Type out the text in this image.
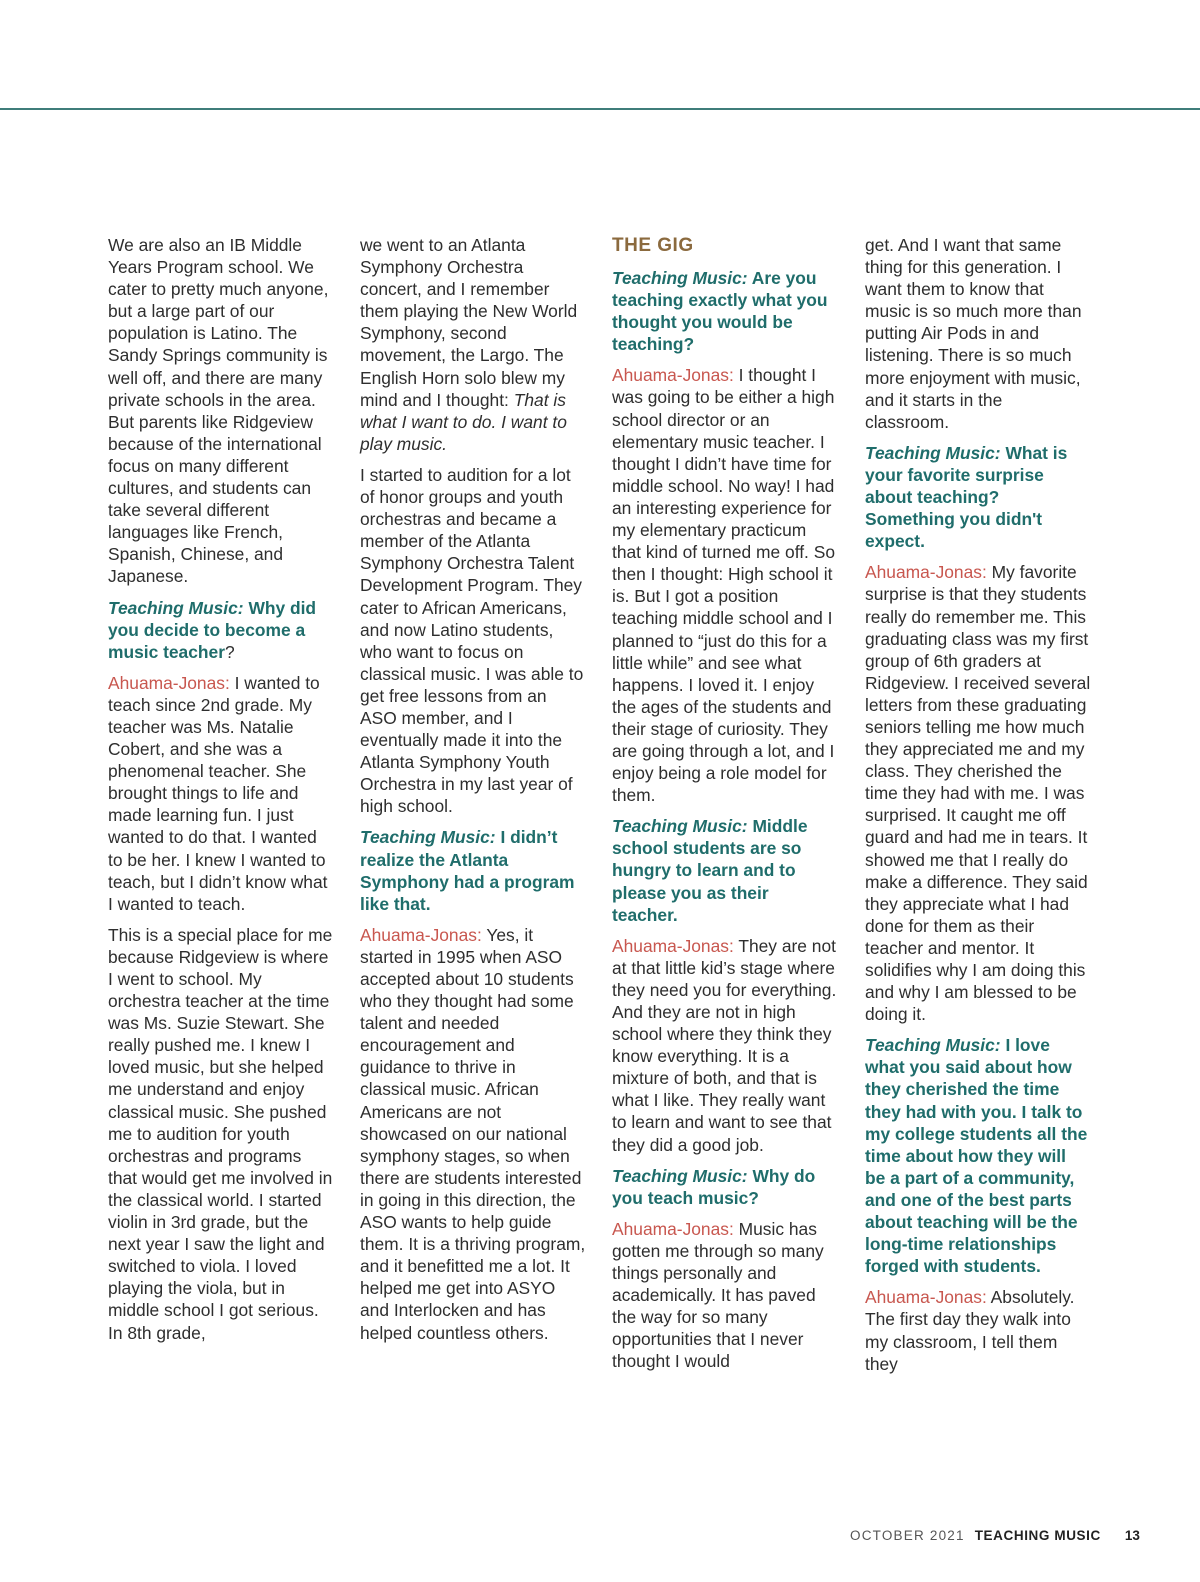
We are also an IB Middle Years Program school. We cater to pretty much anyone, but a large part of our population is Latino. The Sandy Springs community is well off, and there are many private schools in the area. But parents like Ridgeview because of the international focus on many different cultures, and students can take several different languages like French, Spanish, Chinese, and Japanese.

Teaching Music: Why did you decide to become a music teacher?

Ahuama-Jonas: I wanted to teach since 2nd grade. My teacher was Ms. Natalie Cobert, and she was a phenomenal teacher. She brought things to life and made learning fun. I just wanted to do that. I wanted to be her. I knew I wanted to teach, but I didn’t know what I wanted to teach.

This is a special place for me because Ridgeview is where I went to school. My orchestra teacher at the time was Ms. Suzie Stewart. She really pushed me. I knew I loved music, but she helped me understand and enjoy classical music. She pushed me to audition for youth orchestras and programs that would get me involved in the classical world. I started violin in 3rd grade, but the next year I saw the light and switched to viola. I loved playing the viola, but in middle school I got serious. In 8th grade,

we went to an Atlanta Symphony Orchestra concert, and I remember them playing the New World Symphony, second movement, the Largo. The English Horn solo blew my mind and I thought: That is what I want to do. I want to play music.

I started to audition for a lot of honor groups and youth orchestras and became a member of the Atlanta Symphony Orchestra Talent Development Program. They cater to African Americans, and now Latino students, who want to focus on classical music. I was able to get free lessons from an ASO member, and I eventually made it into the Atlanta Symphony Youth Orchestra in my last year of high school.

Teaching Music: I didn’t realize the Atlanta Symphony had a program like that.

Ahuama-Jonas: Yes, it started in 1995 when ASO accepted about 10 students who they thought had some talent and needed encouragement and guidance to thrive in classical music. African Americans are not showcased on our national symphony stages, so when there are students interested in going in this direction, the ASO wants to help guide them. It is a thriving program, and it benefitted me a lot. It helped me get into ASYO and Interlocken and has helped countless others.

THE GIG

Teaching Music: Are you teaching exactly what you thought you would be teaching?

Ahuama-Jonas: I thought I was going to be either a high school director or an elementary music teacher. I thought I didn’t have time for middle school. No way! I had an interesting experience for my elementary practicum that kind of turned me off. So then I thought: High school it is. But I got a position teaching middle school and I planned to “just do this for a little while” and see what happens. I loved it. I enjoy the ages of the students and their stage of curiosity. They are going through a lot, and I enjoy being a role model for them.

Teaching Music: Middle school students are so hungry to learn and to please you as their teacher.

Ahuama-Jonas: They are not at that little kid’s stage where they need you for everything. And they are not in high school where they think they know everything. It is a mixture of both, and that is what I like. They really want to learn and want to see that they did a good job.

Teaching Music: Why do you teach music?

Ahuama-Jonas: Music has gotten me through so many things personally and academically. It has paved the way for so many opportunities that I never thought I would

get. And I want that same thing for this generation. I want them to know that music is so much more than putting Air Pods in and listening. There is so much more enjoyment with music, and it starts in the classroom.

Teaching Music: What is your favorite surprise about teaching? Something you didn't expect.

Ahuama-Jonas: My favorite surprise is that they students really do remember me. This graduating class was my first group of 6th graders at Ridgeview. I received several letters from these graduating seniors telling me how much they appreciated me and my class. They cherished the time they had with me. I was surprised. It caught me off guard and had me in tears. It showed me that I really do make a difference. They said they appreciate what I had done for them as their teacher and mentor. It solidifies why I am doing this and why I am blessed to be doing it.

Teaching Music: I love what you said about how they cherished the time they had with you. I talk to my college students all the time about how they will be a part of a community, and one of the best parts about teaching will be the long-time relationships forged with students.

Ahuama-Jonas: Absolutely. The first day they walk into my classroom, I tell them they

OCTOBER 2021 TEACHING MUSIC 13
